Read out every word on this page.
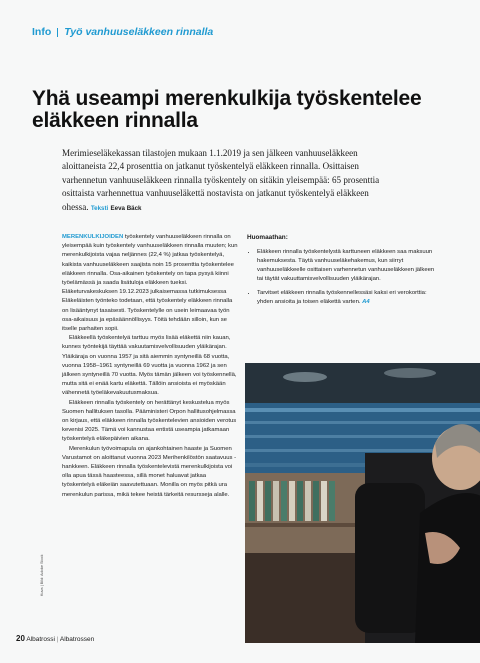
Info Työ vanhuuseläkkeen rinnalla
Yhä useampi merenkulkija työskentelee eläkkeen rinnalla

Merimieseläkekassan tilastojen mukaan 1.1.2019 ja sen jälkeen vanhuuseläkkeen aloittaneista 22,4 prosenttia on jatkanut työskentelyä eläkkeen rinnalla. Osittaisen varhennetun vanhuuseläkkeen rinnalla työskentely on sitäkin yleisempää: 65 prosenttia osittaista varhennettua vanhuuseläkettä nostavista on jatkanut työskentelyä eläkkeen ohessa. Teksti Eeva Bäck

MERENKULKIJOIDEN työskentely vanhuuseläkkeen rinnalla on yleisempää kuin työskentely vanhuuseläkkeen rinnalla muuten; kun merenkulkijoista vajaa neljännes (22,4 %) jatkaa työskentelyä, kaikista vanhuuseläkkeen saajista noin 15 prosenttia työskentelee eläkkeen rinnalla. Osa-aikainen työskentely on tapa pysyä kiinni työelämässä ja saada lisätuloja eläkkeen tueksi. Eläketurvakeskuksen 19.12.2023 julkaisemassa tutkimuksessa Eläkeläisten työnteko todetaan, että työskentely eläkkeen rinnalla on lisääntynyt tasaisesti. Työskentelylle on usein leimaavaa työn osa-aikaisuus ja epäsäännöllisyys. Töitä tehdään silloin, kun se itselle parhaiten sopii.

Eläkkeellä työskentelyä tarttuu myös lisää eläkettä niin kauan, kunnes työntekijä täyttää vakuutamisvelvollisuuden yläikärajan. Yläikäraja on vuonna 1957 ja sitä aiemmin syntyneillä 68 vuotta, vuonna 1958–1961 syntyneillä 69 vuotta ja vuonna 1962 ja sen jälkeen syntyneillä 70 vuotta. Myös tämän jälkeen voi työskennellä, mutta sitä ei enää kartu eläkettä. Tällöin ansioista ei myöskään vähennetä työeläkevakuutusmaksua.

Eläkkeen rinnalla työskentely on herättänyt keskustelua myös Suomen hallituksen tasolla. Pääministeri Orpon hallitusohjelmassa on kirjaus, että eläkkeen rinnalla työskentelevien ansioiden verotus kevenisi 2025. Tämä voi kannustaa entistä useampia jatkamaan työskentelyä eläkepäivien aikana.

Merenkulun työvoimapula on ajankohtainen haaste ja Suomen Varustamot on aloittanut vuonna 2023 Merihenkilöstön saatavuus -hankkeen. Eläkkeen rinnalla työskentelevistä merenkulkijoista voi olla apua tässä haasteessa, sillä monet haluavat jatkaa työskentelyä eläkeiän saavutettuaan. Monilla on myös pitkä ura merenkulun parissa, mikä tekee heistä tärkeitä resursseja alalle.

Huomaathan:

• Eläkkeen rinnalla työskentelystä karttuneen eläkkeen saa maksuun hakemuksesta. Täytä vanhuuseläkehakemus, kun siirryt vanhuuseläkkeelle osittaisen varhennetun vanhuuseläkkeen jälkeen tai täytät vakuuttamisvelvollisuuden yläikärajan.
• Tarvitset eläkkeen rinnalla työskennellessäsi kaksi eri verokorttia: yhden ansioita ja toisen eläkettä varten. A4
Kuva | Bild: Adobe Stock
20 Albatrossi | Albatrossen
